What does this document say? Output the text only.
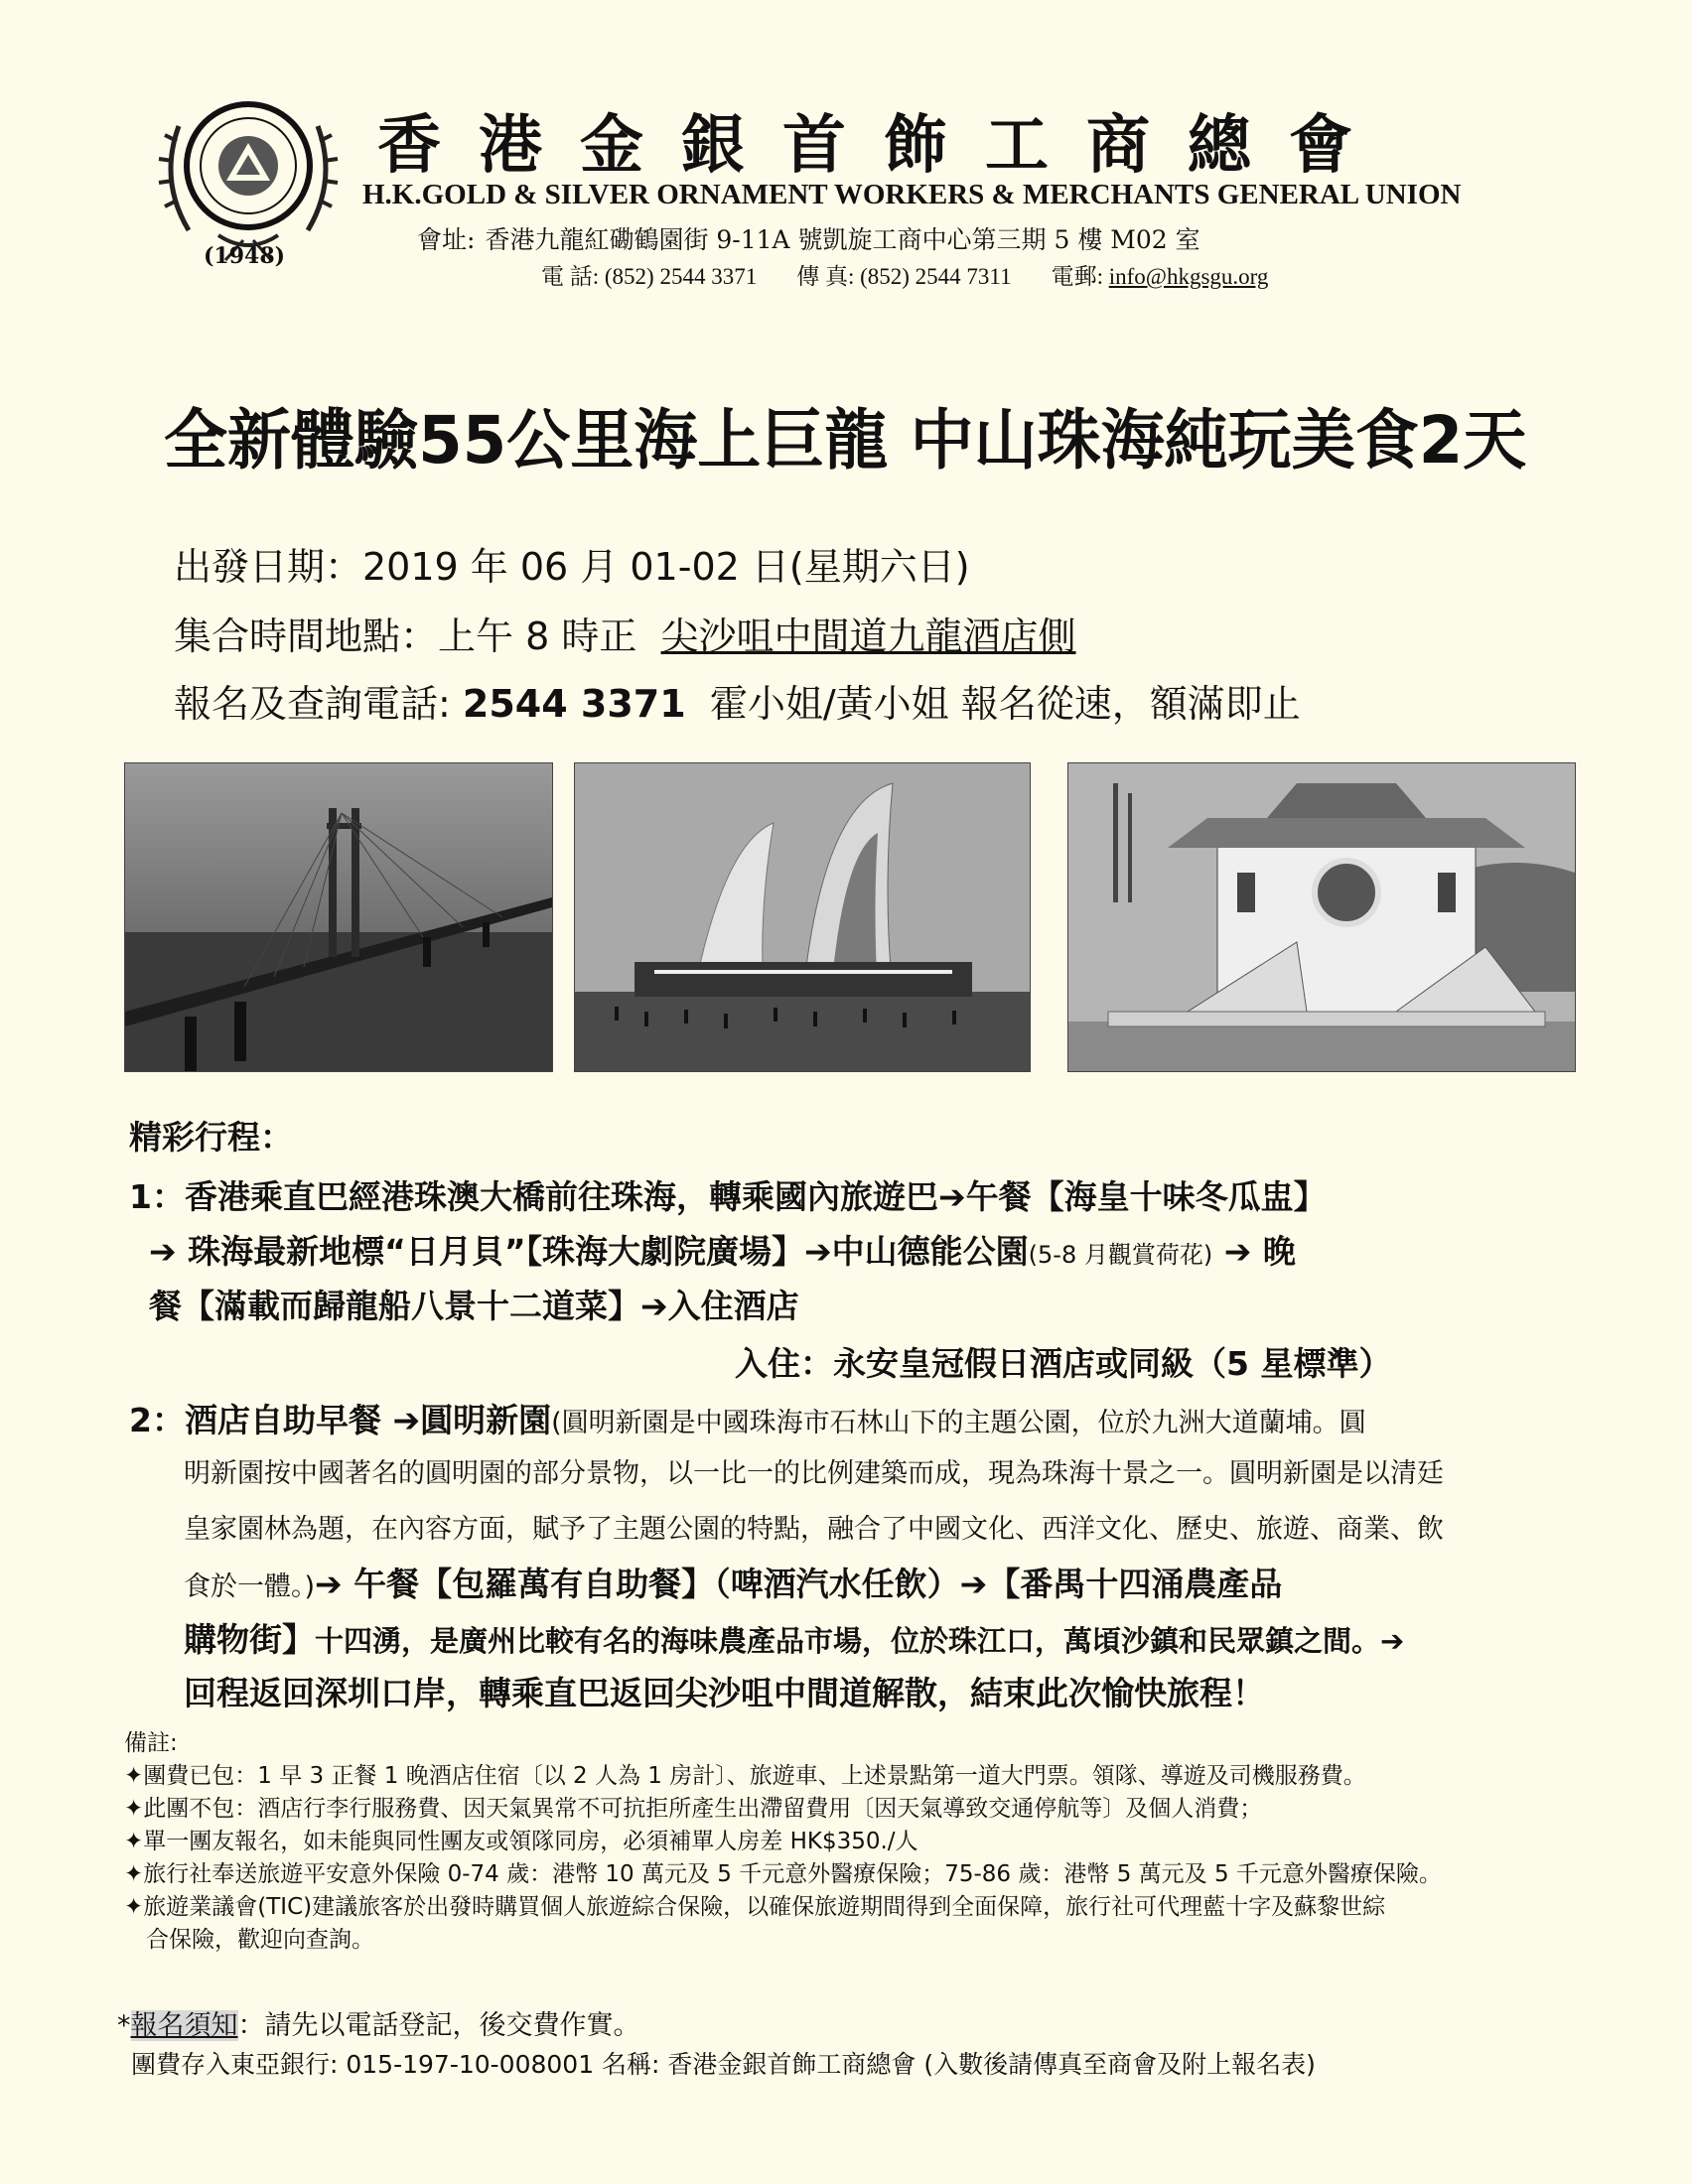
(1948)
香港金銀首飾工商總會
H.K.GOLD & SILVER ORNAMENT WORKERS & MERCHANTS GENERAL UNION
會址: 香港九龍紅磡鶴園街 9-11A 號凱旋工商中心第三期 5 樓 M02 室
電 話: (852) 2544 3371 傳 真: (852) 2544 7311 電郵: info@hkgsgu.org
全新體驗55公里海上巨龍 中山珠海純玩美食2天
出發日期：2019 年 06 月 01-02 日(星期六日)
集合時間地點：上午 8 時正 尖沙咀中間道九龍酒店側
報名及查詢電話: 2544 3371 霍小姐/黃小姐 報名從速，額滿即止
精彩行程：
1：香港乘直巴經港珠澳大橋前往珠海，轉乘國內旅遊巴➔午餐【海皇十味冬瓜盅】
➔ 珠海最新地標“日月貝”【珠海大劇院廣場】➔中山德能公園(5-8 月觀賞荷花) ➔ 晚
餐【滿載而歸龍船八景十二道菜】➔入住酒店
入住：永安皇冠假日酒店或同級（5 星標準）
2：酒店自助早餐 ➔圓明新園(圓明新園是中國珠海市石林山下的主題公園，位於九洲大道蘭埔。圓
明新園按中國著名的圓明園的部分景物，以一比一的比例建築而成，現為珠海十景之一。圓明新園是以清廷
皇家園林為題，在內容方面，賦予了主題公園的特點，融合了中國文化、西洋文化、歷史、旅遊、商業、飲
食於一體。)➔ 午餐【包羅萬有自助餐】（啤酒汽水任飲）➔【番禺十四涌農產品
購物街】十四湧，是廣州比較有名的海味農產品市場，位於珠江口，萬頃沙鎮和民眾鎮之間。➔
回程返回深圳口岸，轉乘直巴返回尖沙咀中間道解散，結束此次愉快旅程！
備註:
✦團費已包：1 早 3 正餐 1 晚酒店住宿〔以 2 人為 1 房計〕、旅遊車、上述景點第一道大門票。領隊、導遊及司機服務費。
✦此團不包：酒店行李行服務費、因天氣異常不可抗拒所產生出滯留費用〔因天氣導致交通停航等〕及個人消費；
✦單一團友報名，如未能與同性團友或領隊同房，必須補單人房差 HK$350./人
✦旅行社奉送旅遊平安意外保險 0-74 歲：港幣 10 萬元及 5 千元意外醫療保險；75-86 歲：港幣 5 萬元及 5 千元意外醫療保險。
✦旅遊業議會(TIC)建議旅客於出發時購買個人旅遊綜合保險，以確保旅遊期間得到全面保障，旅行社可代理藍十字及蘇黎世綜
合保險，歡迎向查詢。
*報名須知：請先以電話登記，後交費作實。
團費存入東亞銀行: 015-197-10-008001 名稱: 香港金銀首飾工商總會 (入數後請傳真至商會及附上報名表)
